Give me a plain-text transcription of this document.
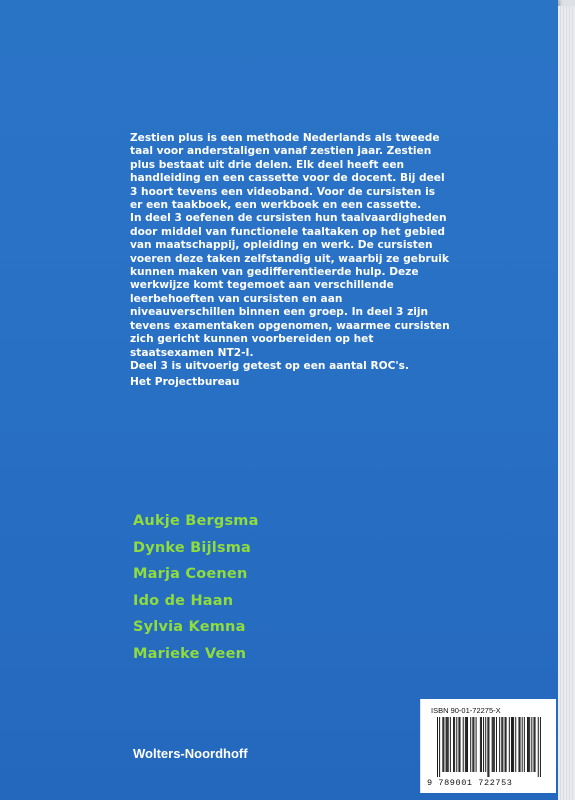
Zestien plus is een methode Nederlands als tweede taal voor anderstaligen vanaf zestien jaar. Zestien plus bestaat uit drie delen. Elk deel heeft een handleiding en een cassette voor de docent. Bij deel 3 hoort tevens een videoband. Voor de cursisten is er een taakboek, een werkboek en een cassette.

In deel 3 oefenen de cursisten hun taalvaardigheden door middel van functionele taaltaken op het gebied van maatschappij, opleiding en werk. De cursisten voeren deze taken zelfstandig uit, waarbij ze gebruik kunnen maken van gedifferentieerde hulp. Deze werkwijze komt tegemoet aan verschillende leerbehoeften van cursisten en aan niveauverschillen binnen een groep. In deel 3 zijn tevens examentaken opgenomen, waarmee cursisten zich gericht kunnen voorbereiden op het staatsexamen NT2-I.

Deel 3 is uitvoerig getest op een aantal ROC's.

Het Projectbureau
Aukje Bergsma
Dynke Bijlsma
Marja Coenen
Ido de Haan
Sylvia Kemna
Marieke Veen
Wolters-Noordhoff
ISBN 90-01-72275-X
9 789001 722753
